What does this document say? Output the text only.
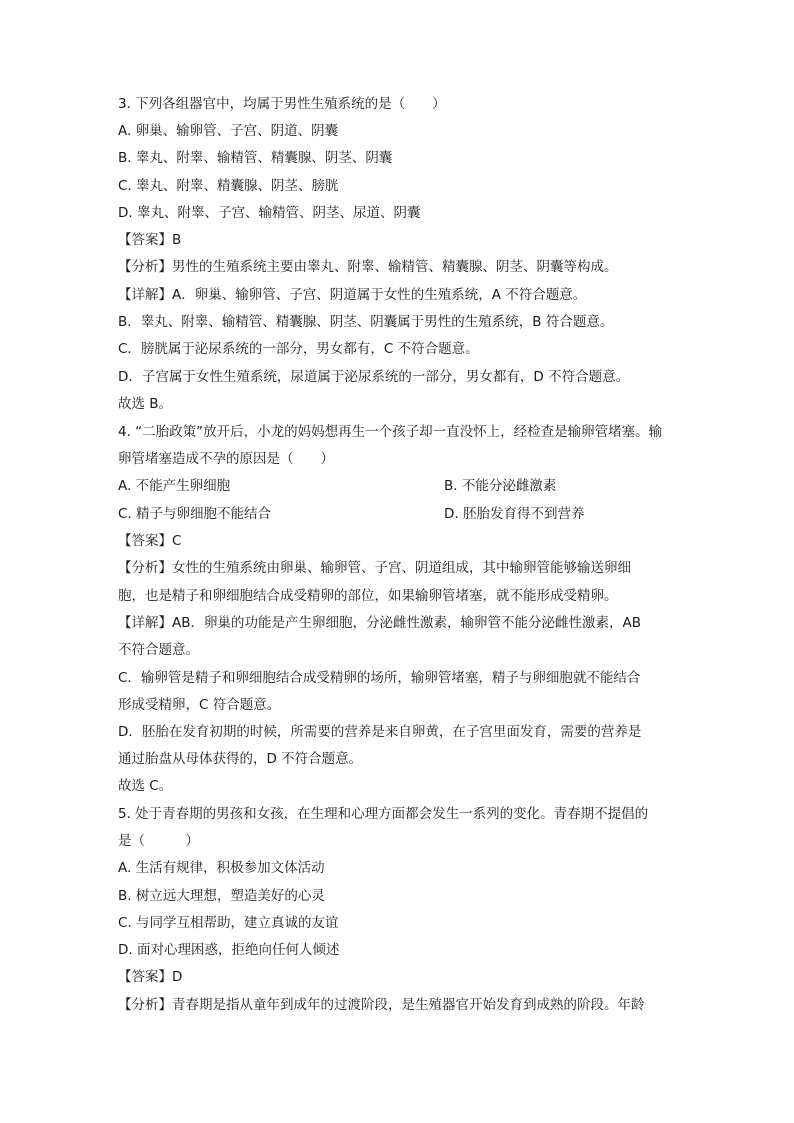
3. 下列各组器官中，均属于男性生殖系统的是（　　）
A. 卵巢、输卵管、子宫、阴道、阴囊
B. 睾丸、附睾、输精管、精囊腺、阴茎、阴囊
C. 睾丸、附睾、精囊腺、阴茎、膀胱
D. 睾丸、附睾、子宫、输精管、阴茎、尿道、阴囊
【答案】B
【分析】男性的生殖系统主要由睾丸、附睾、输精管、精囊腺、阴茎、阴囊等构成。
【详解】A．卵巢、输卵管、子宫、阴道属于女性的生殖系统，A 不符合题意。
B．睾丸、附睾、输精管、精囊腺、阴茎、阴囊属于男性的生殖系统，B 符合题意。
C．膀胱属于泌尿系统的一部分，男女都有，C 不符合题意。
D．子宫属于女性生殖系统，尿道属于泌尿系统的一部分，男女都有，D 不符合题意。
故选 B。
4. “二胎政策”放开后，小龙的妈妈想再生一个孩子却一直没怀上，经检查是输卵管堵塞。输
卵管堵塞造成不孕的原因是（　　）
A. 不能产生卵细胞	B. 不能分泌雌激素
C. 精子与卵细胞不能结合	D. 胚胎发育得不到营养
【答案】C
【分析】女性的生殖系统由卵巢、输卵管、子宫、阴道组成，其中输卵管能够输送卵细
胞，也是精子和卵细胞结合成受精卵的部位，如果输卵管堵塞，就不能形成受精卵。
【详解】AB．卵巢的功能是产生卵细胞，分泌雌性激素，输卵管不能分泌雌性激素，AB
不符合题意。
C．输卵管是精子和卵细胞结合成受精卵的场所，输卵管堵塞，精子与卵细胞就不能结合
形成受精卵，C 符合题意。
D．胚胎在发育初期的时候，所需要的营养是来自卵黄，在子宫里面发育，需要的营养是
通过胎盘从母体获得的，D 不符合题意。
故选 C。
5. 处于青春期的男孩和女孩，在生理和心理方面都会发生一系列的变化。青春期不提倡的
是（　　　）
A. 生活有规律，积极参加文体活动
B. 树立远大理想，塑造美好的心灵
C. 与同学互相帮助，建立真诚的友谊
D. 面对心理困惑，拒绝向任何人倾述
【答案】D
【分析】青春期是指从童年到成年的过渡阶段，是生殖器官开始发育到成熟的阶段。年龄
